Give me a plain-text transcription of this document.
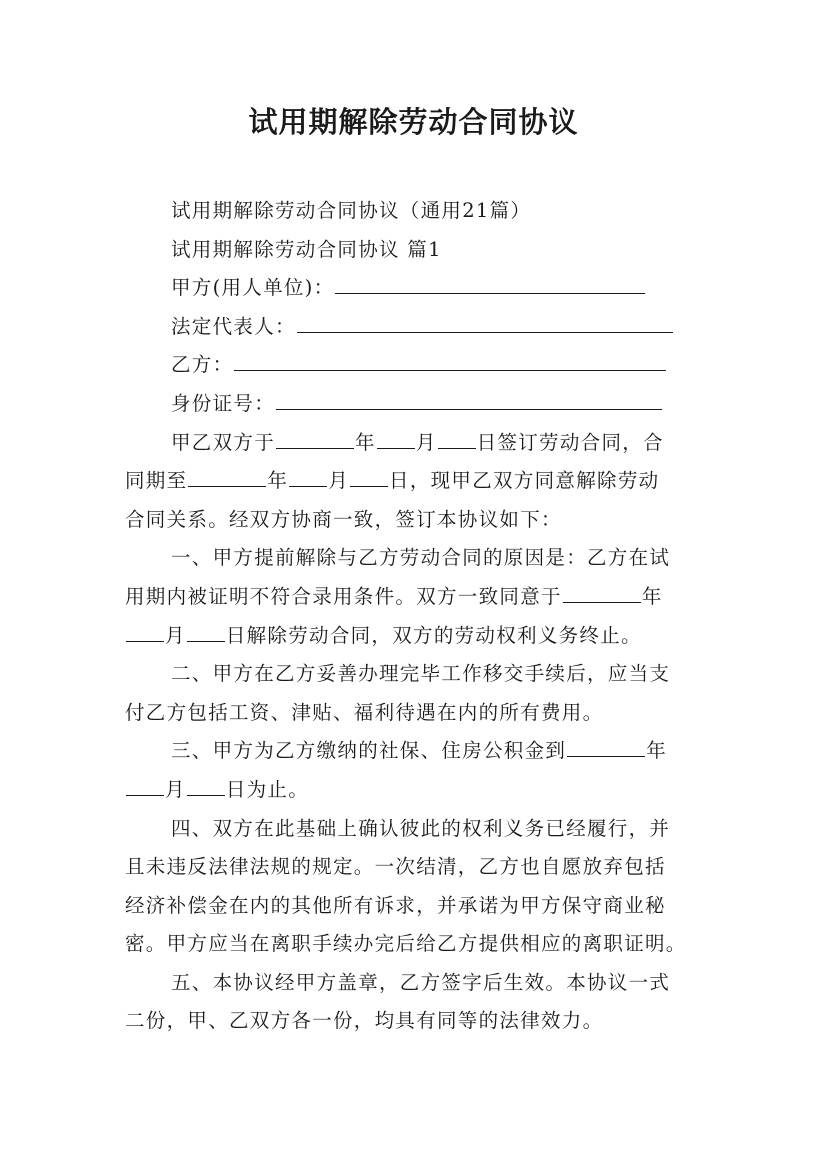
试用期解除劳动合同协议
试用期解除劳动合同协议（通用21篇）
试用期解除劳动合同协议 篇1
甲方(用人单位)：
法定代表人：
乙方：
身份证号：
甲乙双方于	年 月 日签订劳动合同，合
同期至	年 月 日，现甲乙双方同意解除劳动
合同关系。经双方协商一致，签订本协议如下：
一、甲方提前解除与乙方劳动合同的原因是：乙方在试
用期内被证明不符合录用条件。双方一致同意于	年
月 日解除劳动合同，双方的劳动权利义务终止。
二、甲方在乙方妥善办理完毕工作移交手续后，应当支
付乙方包括工资、津贴、福利待遇在内的所有费用。
三、甲方为乙方缴纳的社保、住房公积金到	年
月 日为止。
四、双方在此基础上确认彼此的权利义务已经履行，并
且未违反法律法规的规定。一次结清，乙方也自愿放弃包括
经济补偿金在内的其他所有诉求，并承诺为甲方保守商业秘
密。甲方应当在离职手续办完后给乙方提供相应的离职证明。
五、本协议经甲方盖章，乙方签字后生效。本协议一式
二份，甲、乙双方各一份，均具有同等的法律效力。
